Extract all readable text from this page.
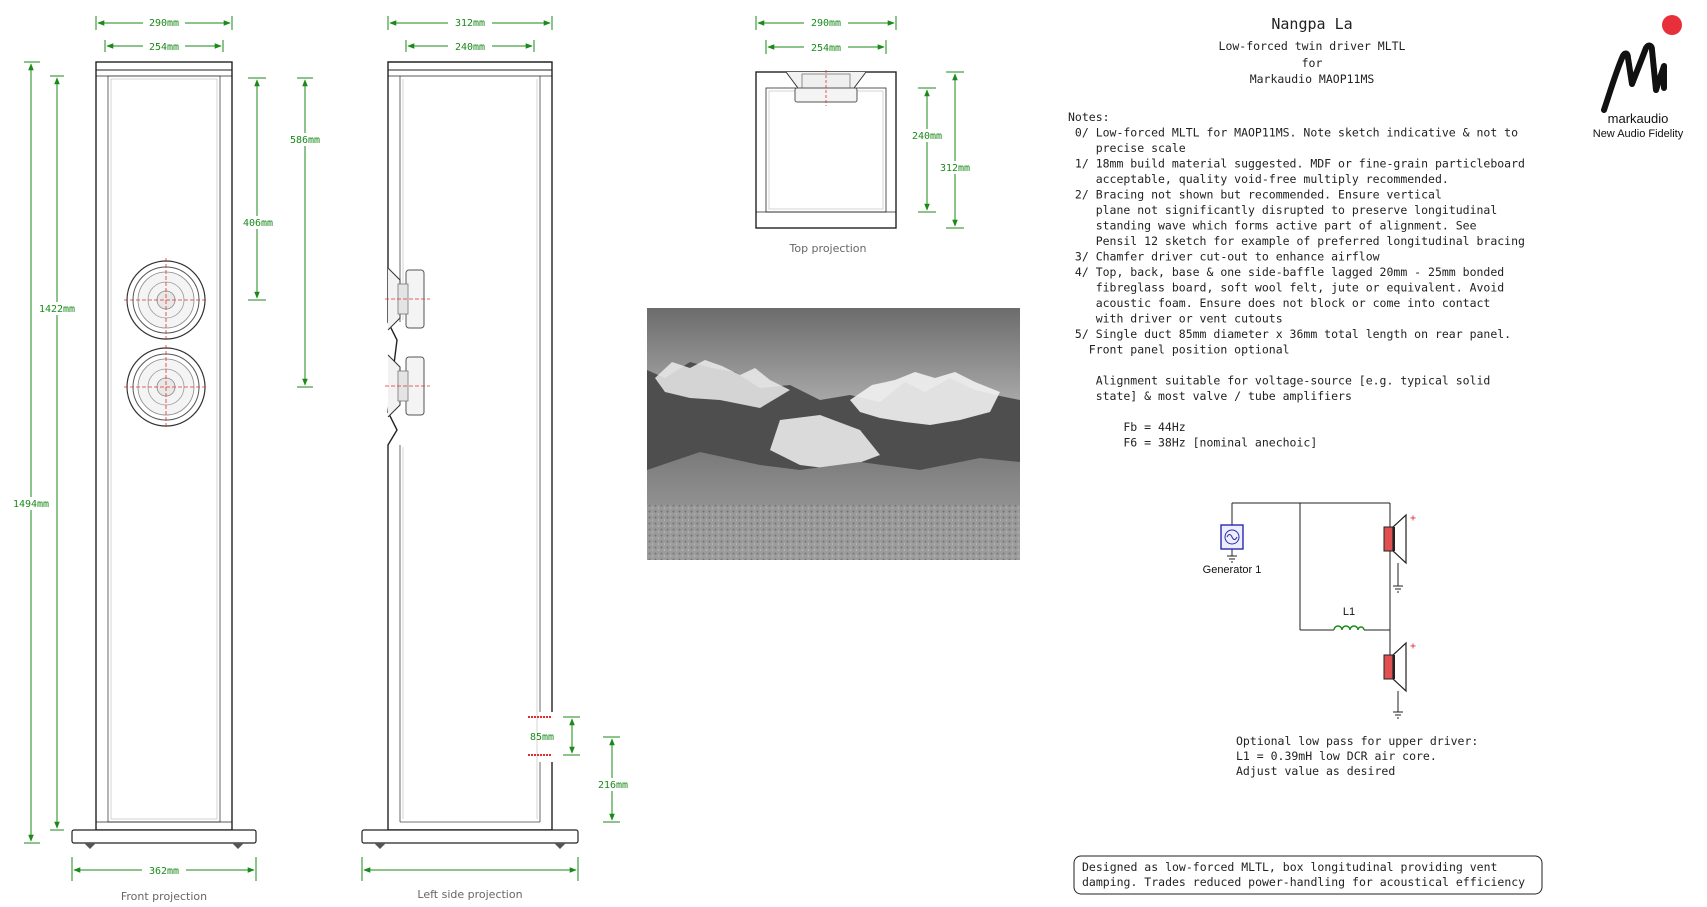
290mm
254mm
1494mm
1422mm
586mm
406mm
362mm
Front projection
312mm
240mm
85mm
216mm
Left side projection
290mm
254mm
240mm
312mm
Top projection
Nangpa La
Low-forced twin driver MLTL
for
Markaudio MAOP11MS
Notes:
0/ Low-forced MLTL for MAOP11MS. Note sketch indicative & not to
precise scale
1/ 18mm build material suggested. MDF or fine-grain particleboard
acceptable, quality void-free multiply recommended.
2/ Bracing not shown but recommended. Ensure vertical
plane not significantly disrupted to preserve longitudinal
standing wave which forms active part of alignment. See
Pensil 12 sketch for example of preferred longitudinal bracing
3/ Chamfer driver cut-out to enhance airflow
4/ Top, back, base & one side-baffle lagged 20mm - 25mm bonded
fibreglass board, soft wool felt, jute or equivalent. Avoid
acoustic foam. Ensure does not block or come into contact
with driver or vent cutouts
5/ Single duct 85mm diameter x 36mm total length on rear panel.
Front panel position optional
Alignment suitable for voltage-source [e.g. typical solid
state] & most valve / tube amplifiers
Fb = 44Hz
F6 = 38Hz [nominal anechoic]
markaudio
New Audio Fidelity
Generator 1
L1
+
+
Optional low pass for upper driver:
L1 = 0.39mH low DCR air core.
Adjust value as desired
Designed as low-forced MLTL, box longitudinal providing vent
damping. Trades reduced power-handling for acoustical efficiency
